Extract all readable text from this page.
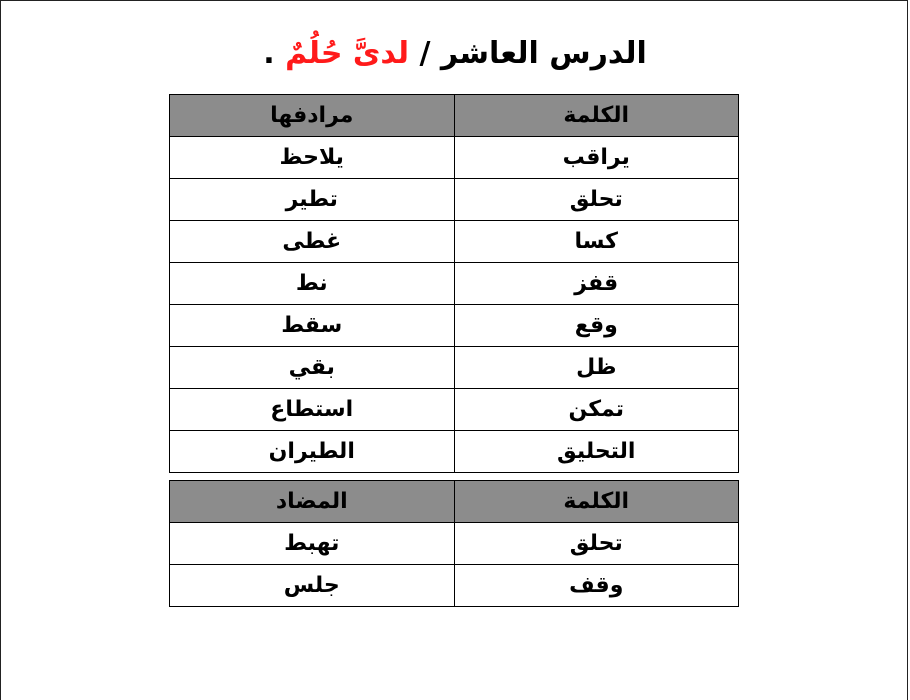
الدرس العاشر / لدىَّ حُلُمٌ .
الكلمة	مرادفها
يراقب	يلاحظ
تحلق	تطير
كسا	غطى
قفز	نط
وقع	سقط
ظل	بقي
تمكن	استطاع
التحليق	الطيران
الكلمة	المضاد
تحلق	تهبط
وقف	جلس
